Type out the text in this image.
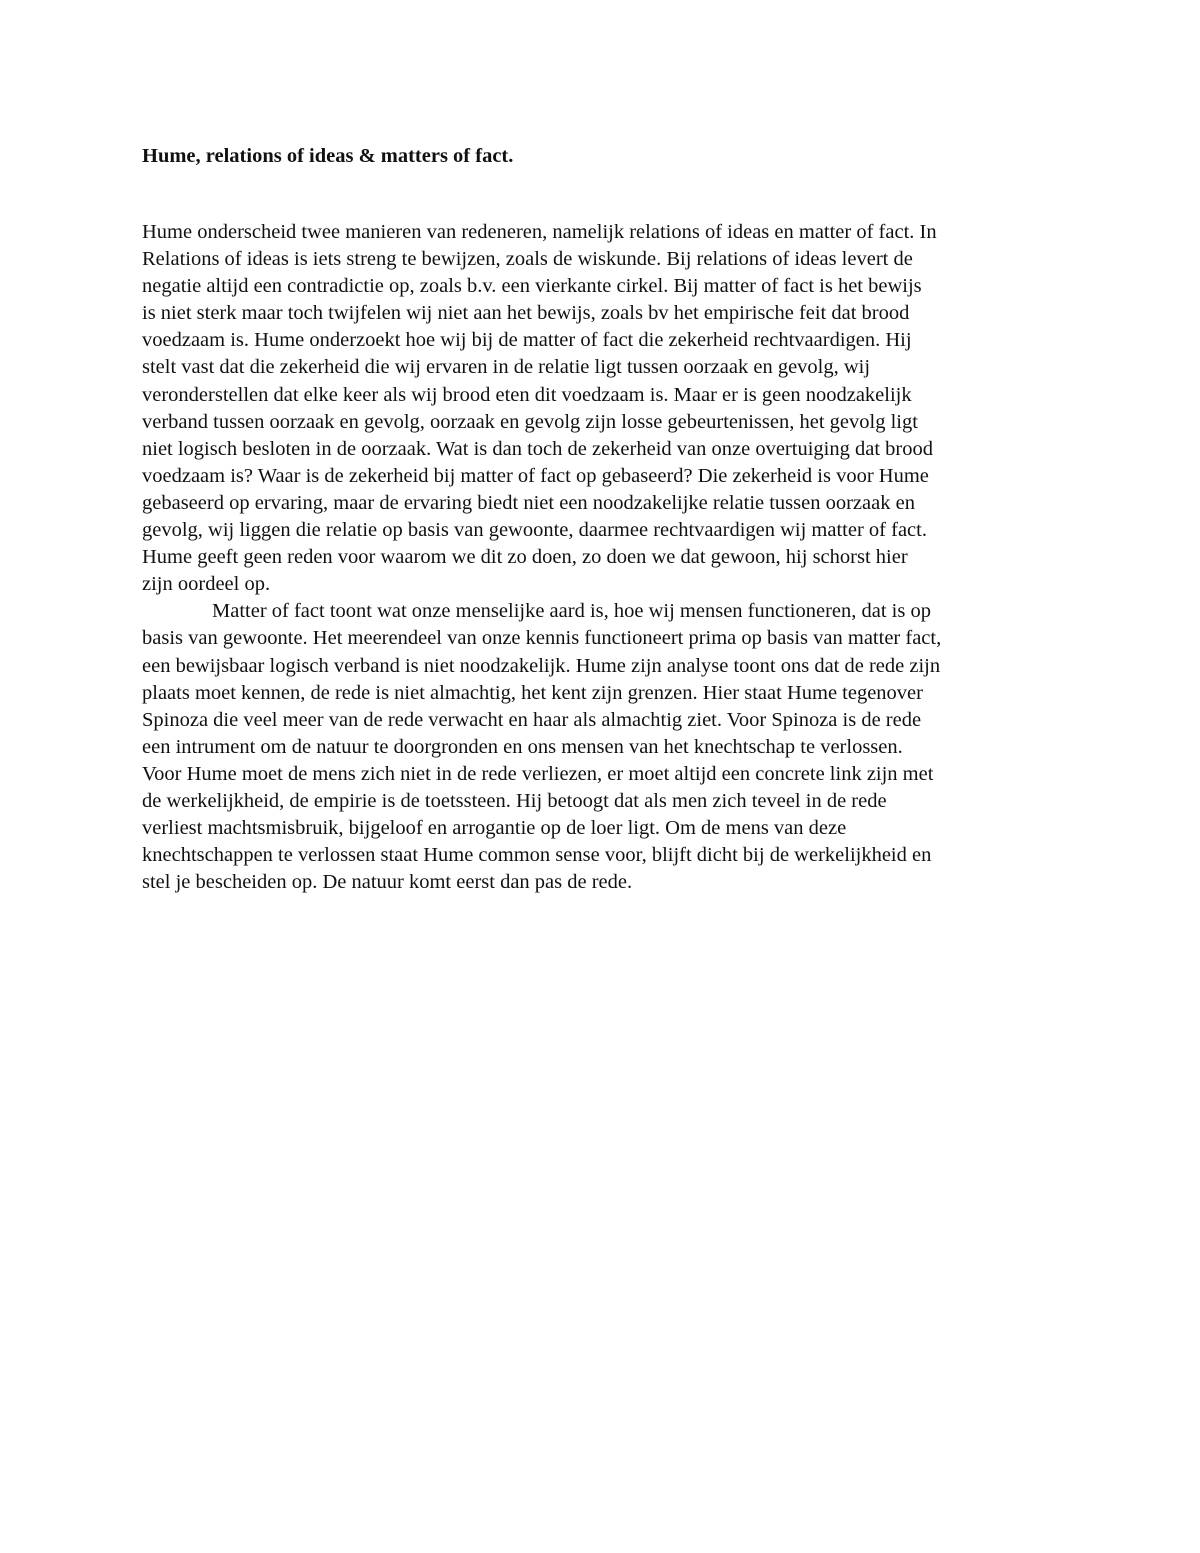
Hume, relations of ideas & matters of fact.
Hume onderscheid twee manieren van redeneren, namelijk relations of ideas en matter of fact. In
Relations of ideas is iets streng te bewijzen, zoals de wiskunde. Bij relations of ideas levert de
negatie altijd een contradictie op, zoals b.v. een vierkante cirkel. Bij matter of fact is het bewijs
is niet sterk maar toch twijfelen wij niet aan het bewijs, zoals bv het empirische feit dat brood
voedzaam is. Hume onderzoekt hoe wij bij de matter of fact die zekerheid rechtvaardigen. Hij
stelt vast dat die zekerheid die wij ervaren in de relatie ligt tussen oorzaak en gevolg, wij
veronderstellen dat elke keer als wij brood eten dit voedzaam is. Maar er is geen noodzakelijk
verband tussen oorzaak en gevolg, oorzaak en gevolg zijn losse gebeurtenissen, het gevolg ligt
niet logisch besloten in de oorzaak. Wat is dan toch de zekerheid van onze overtuiging dat brood
voedzaam is? Waar is de zekerheid bij matter of fact op gebaseerd? Die zekerheid is voor Hume
gebaseerd op ervaring, maar de ervaring biedt niet een noodzakelijke relatie tussen oorzaak en
gevolg, wij liggen die relatie op basis van gewoonte, daarmee rechtvaardigen wij matter of fact.
Hume geeft geen reden voor waarom we dit zo doen, zo doen we dat gewoon, hij schorst hier
zijn oordeel op.
Matter of fact toont wat onze menselijke aard is, hoe wij mensen functioneren, dat is op
basis van gewoonte. Het meerendeel van onze kennis functioneert prima op basis van matter fact,
een bewijsbaar logisch verband is niet noodzakelijk. Hume zijn analyse toont ons dat de rede zijn
plaats moet kennen, de rede is niet almachtig, het kent zijn grenzen. Hier staat Hume tegenover
Spinoza die veel meer van de rede verwacht en haar als almachtig ziet. Voor Spinoza is de rede
een intrument om de natuur te doorgronden en ons mensen van het knechtschap te verlossen.
Voor Hume moet de mens zich niet in de rede verliezen, er moet altijd een concrete link zijn met
de werkelijkheid, de empirie is de toetssteen. Hij betoogt dat als men zich teveel in de rede
verliest machtsmisbruik, bijgeloof en arrogantie op de loer ligt. Om de mens van deze
knechtschappen te verlossen staat Hume common sense voor, blijft dicht bij de werkelijkheid en
stel je bescheiden op. De natuur komt eerst dan pas de rede.
